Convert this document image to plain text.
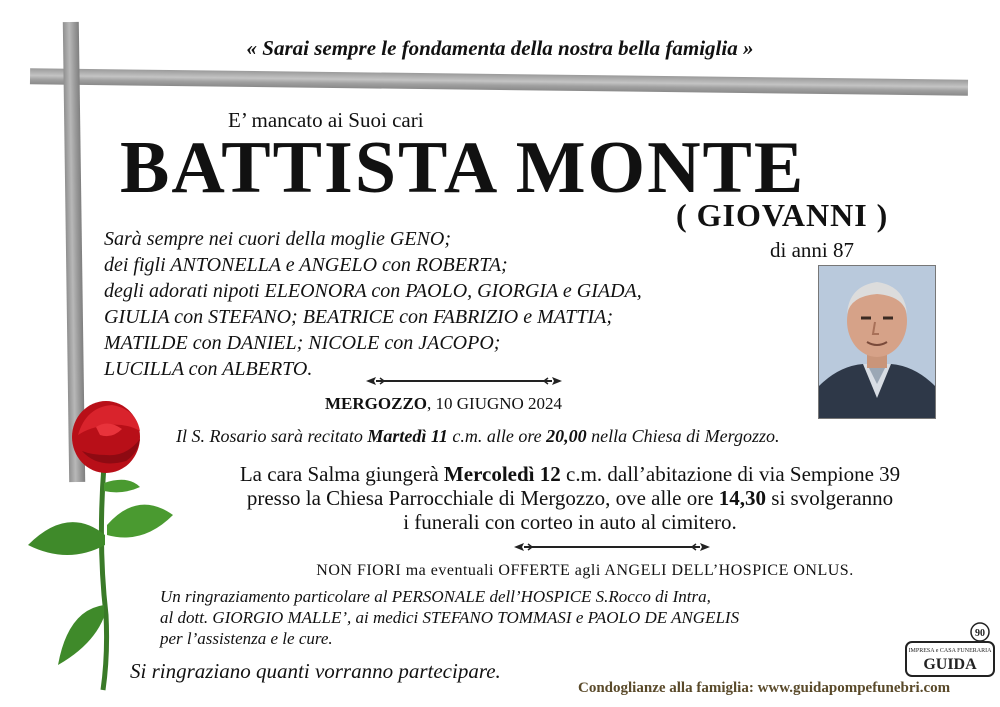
« Sarai sempre le fondamenta della nostra bella famiglia »
E’ mancato ai Suoi cari
BATTISTA MONTE
( GIOVANNI )
di anni 87
Sarà sempre nei cuori della moglie GENO;
dei figli ANTONELLA e ANGELO con ROBERTA;
degli adorati nipoti ELEONORA con PAOLO, GIORGIA e GIADA,
GIULIA con STEFANO; BEATRICE con FABRIZIO e MATTIA;
MATILDE con DANIEL; NICOLE con JACOPO;
LUCILLA con ALBERTO.
MERGOZZO, 10 GIUGNO 2024
Il S. Rosario sarà recitato Martedì 11 c.m. alle ore 20,00 nella Chiesa di Mergozzo.
La cara Salma giungerà Mercoledì 12 c.m. dall’abitazione di via Sempione 39
presso la Chiesa Parrocchiale di Mergozzo, ove alle ore 14,30 si svolgeranno
i funerali con corteo in auto al cimitero.
NON FIORI ma eventuali OFFERTE agli ANGELI DELL’HOSPICE ONLUS.
Un ringraziamento particolare al PERSONALE dell’HOSPICE S.Rocco di Intra,
al dott. GIORGIO MALLE’, ai medici STEFANO TOMMASI e PAOLO DE ANGELIS
per l’assistenza e le cure.
Si ringraziano quanti vorranno partecipare.
Condoglianze alla famiglia: www.guidapompefunebri.com
90
IMPRESA e CASA FUNERARIA
GUIDA
